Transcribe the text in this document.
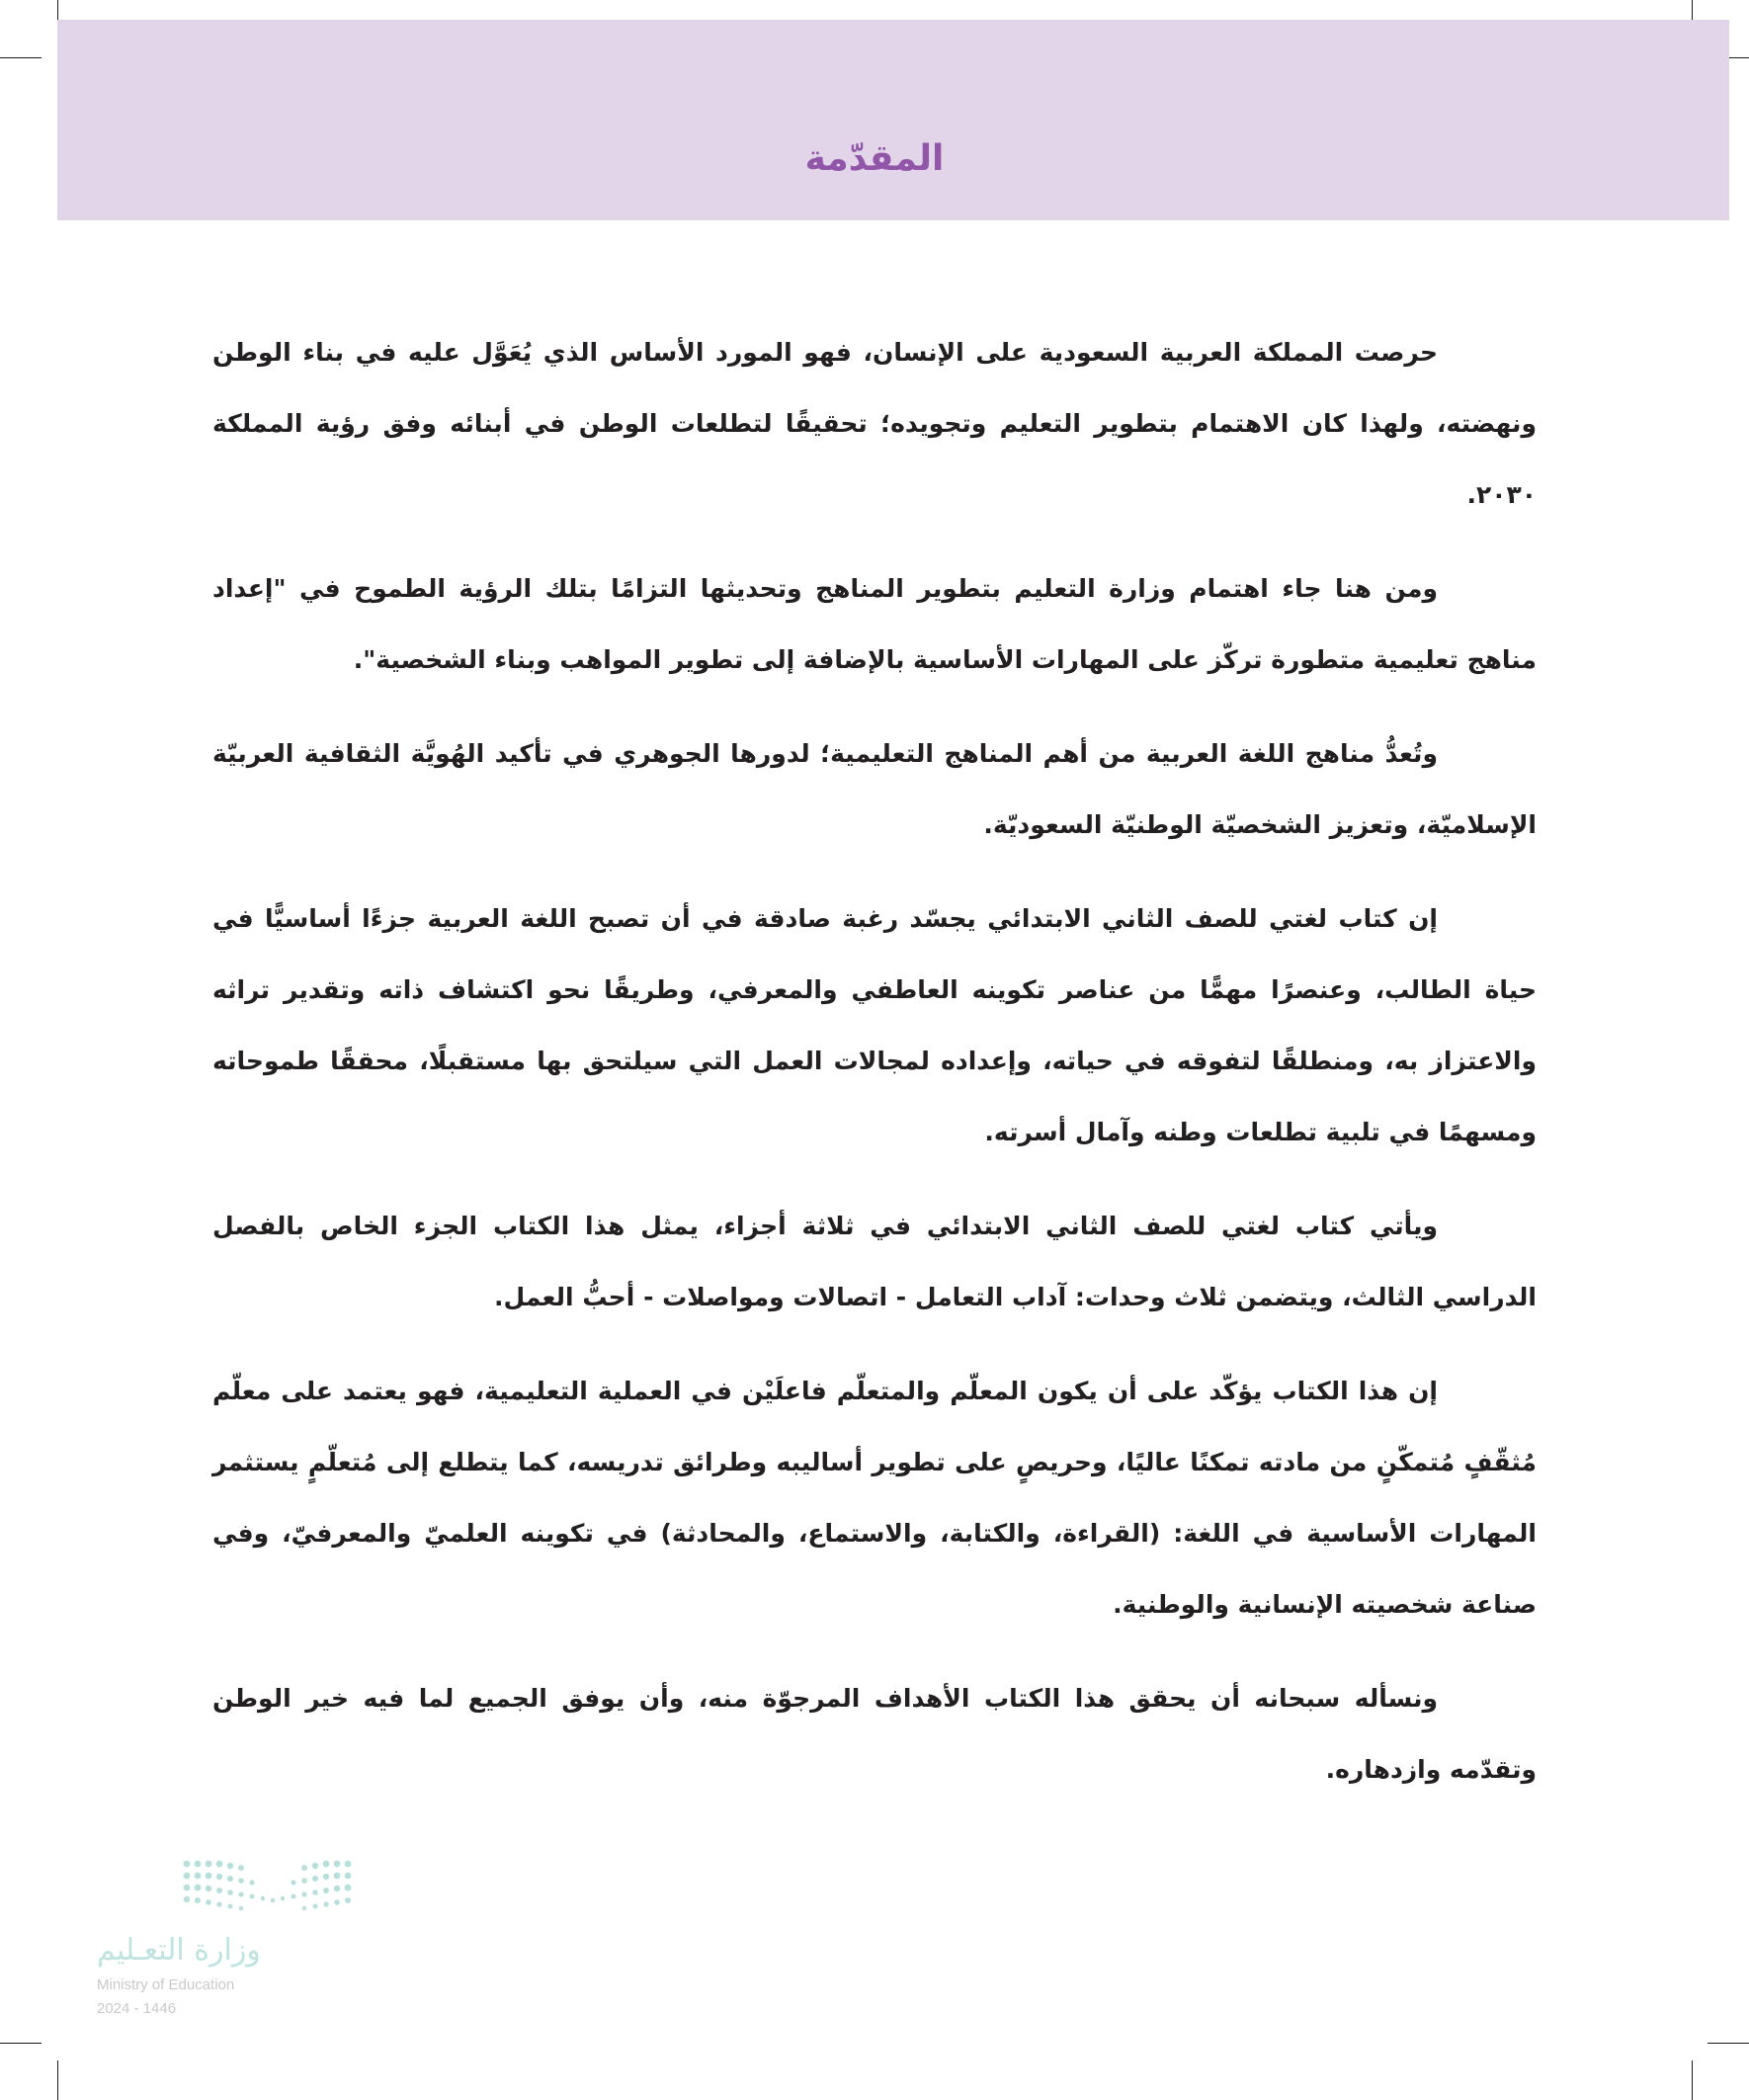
المقدّمة

حرصت المملكة العربية السعودية على الإنسان، فهو المورد الأساس الذي يُعَوَّل عليه في بناء الوطن ونهضته، ولهذا كان الاهتمام بتطوير التعليم وتجويده؛ تحقيقًا لتطلعات الوطن في أبنائه وفق رؤية المملكة ٢٠٣٠.

ومن هنا جاء اهتمام وزارة التعليم بتطوير المناهج وتحديثها التزامًا بتلك الرؤية الطموح في "إعداد مناهج تعليمية متطورة تركّز على المهارات الأساسية بالإضافة إلى تطوير المواهب وبناء الشخصية".

وتُعدُّ مناهج اللغة العربية من أهم المناهج التعليمية؛ لدورها الجوهري في تأكيد الهُويَّة الثقافية العربيّة الإسلاميّة، وتعزيز الشخصيّة الوطنيّة السعوديّة.

إن كتاب لغتي للصف الثاني الابتدائي يجسّد رغبة صادقة في أن تصبح اللغة العربية جزءًا أساسيًّا في حياة الطالب، وعنصرًا مهمًّا من عناصر تكوينه العاطفي والمعرفي، وطريقًا نحو اكتشاف ذاته وتقدير تراثه والاعتزاز به، ومنطلقًا لتفوقه في حياته، وإعداده لمجالات العمل التي سيلتحق بها مستقبلًا، محققًا طموحاته ومسهمًا في تلبية تطلعات وطنه وآمال أسرته.

ويأتي كتاب لغتي للصف الثاني الابتدائي في ثلاثة أجزاء، يمثل هذا الكتاب الجزء الخاص بالفصل الدراسي الثالث، ويتضمن ثلاث وحدات: آداب التعامل - اتصالات ومواصلات - أحبُّ العمل.

إن هذا الكتاب يؤكّد على أن يكون المعلّم والمتعلّم فاعلَيْن في العملية التعليمية، فهو يعتمد على معلّم مُثقّفٍ مُتمكّنٍ من مادته تمكنًا عاليًا، وحريصٍ على تطوير أساليبه وطرائق تدريسه، كما يتطلع إلى مُتعلّمٍ يستثمر المهارات الأساسية في اللغة: (القراءة، والكتابة، والاستماع، والمحادثة) في تكوينه العلميّ والمعرفيّ، وفي صناعة شخصيته الإنسانية والوطنية.

ونسأله سبحانه أن يحقق هذا الكتاب الأهداف المرجوّة منه، وأن يوفق الجميع لما فيه خير الوطن وتقدّمه وازدهاره.

وزارة التعـليم
Ministry of Education
2024 - 1446
